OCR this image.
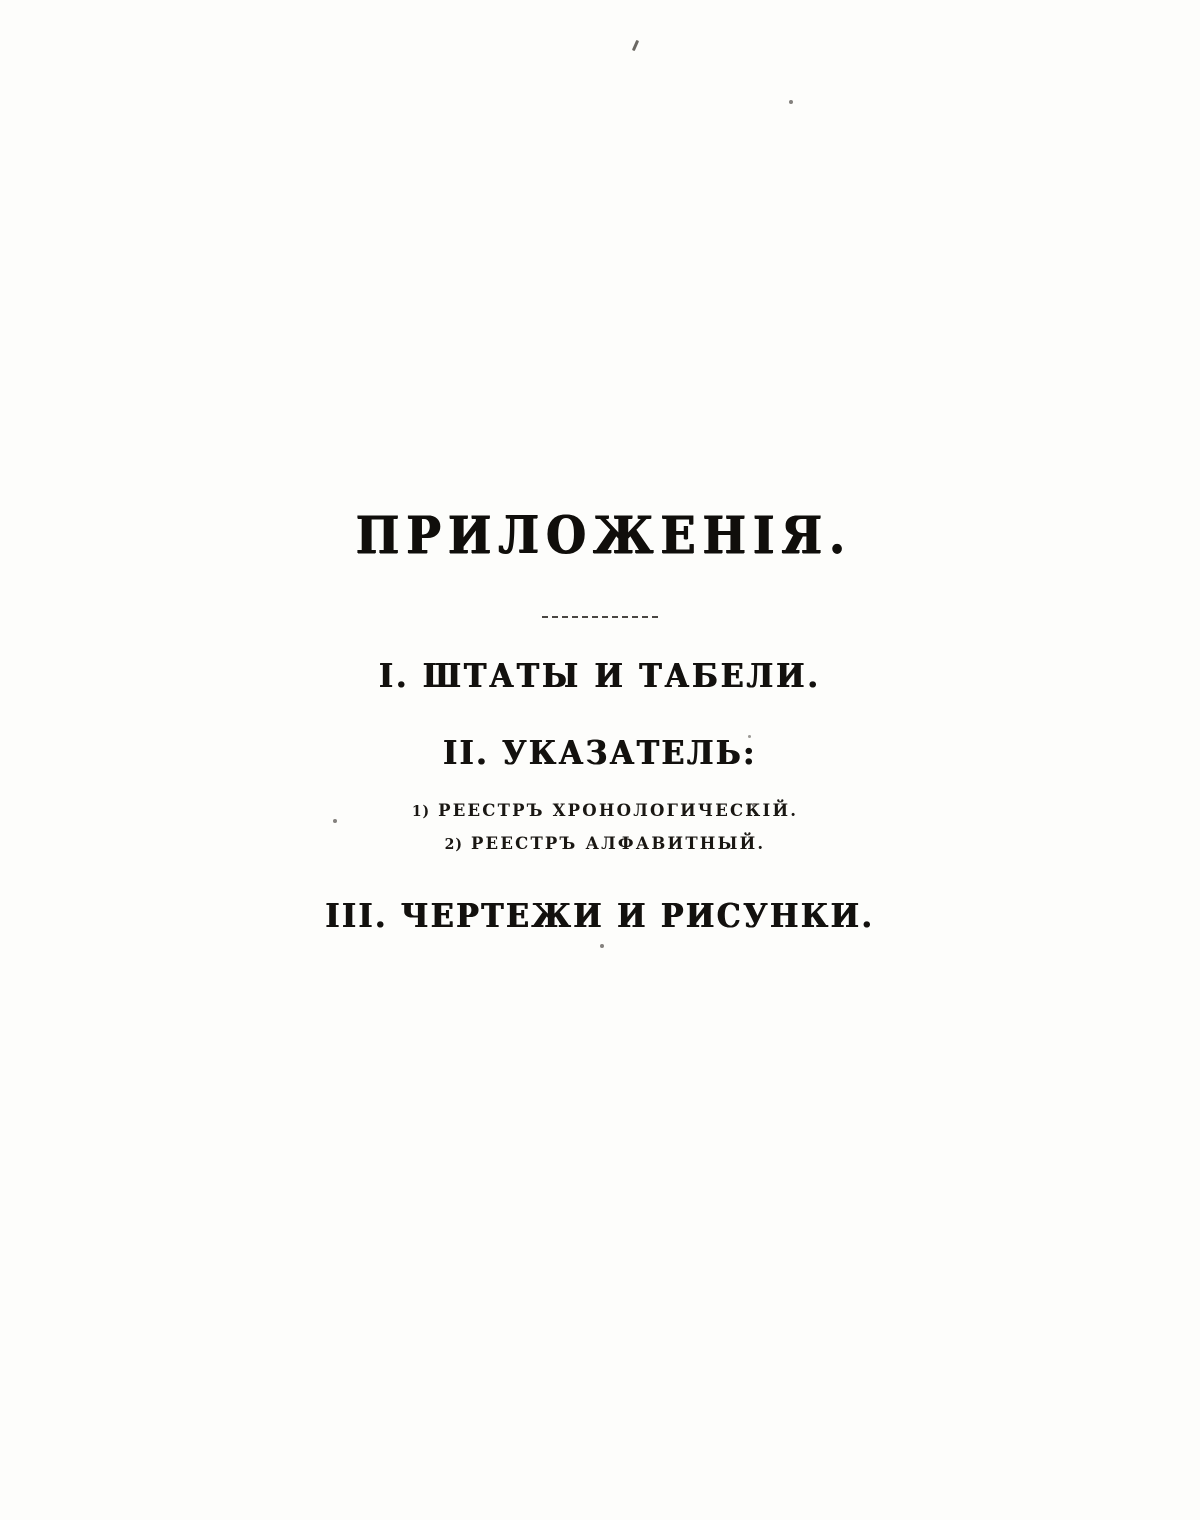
ПРИЛОЖЕНІЯ.

I. ШТАТЫ И ТАБЕЛИ.

II. УКАЗАТЕЛЬ:

1) РЕЕСТРЪ ХРОНОЛОГИЧЕСКІЙ.
2) РЕЕСТРЪ АЛФАВИТНЫЙ.

III. ЧЕРТЕЖИ И РИСУНКИ.
